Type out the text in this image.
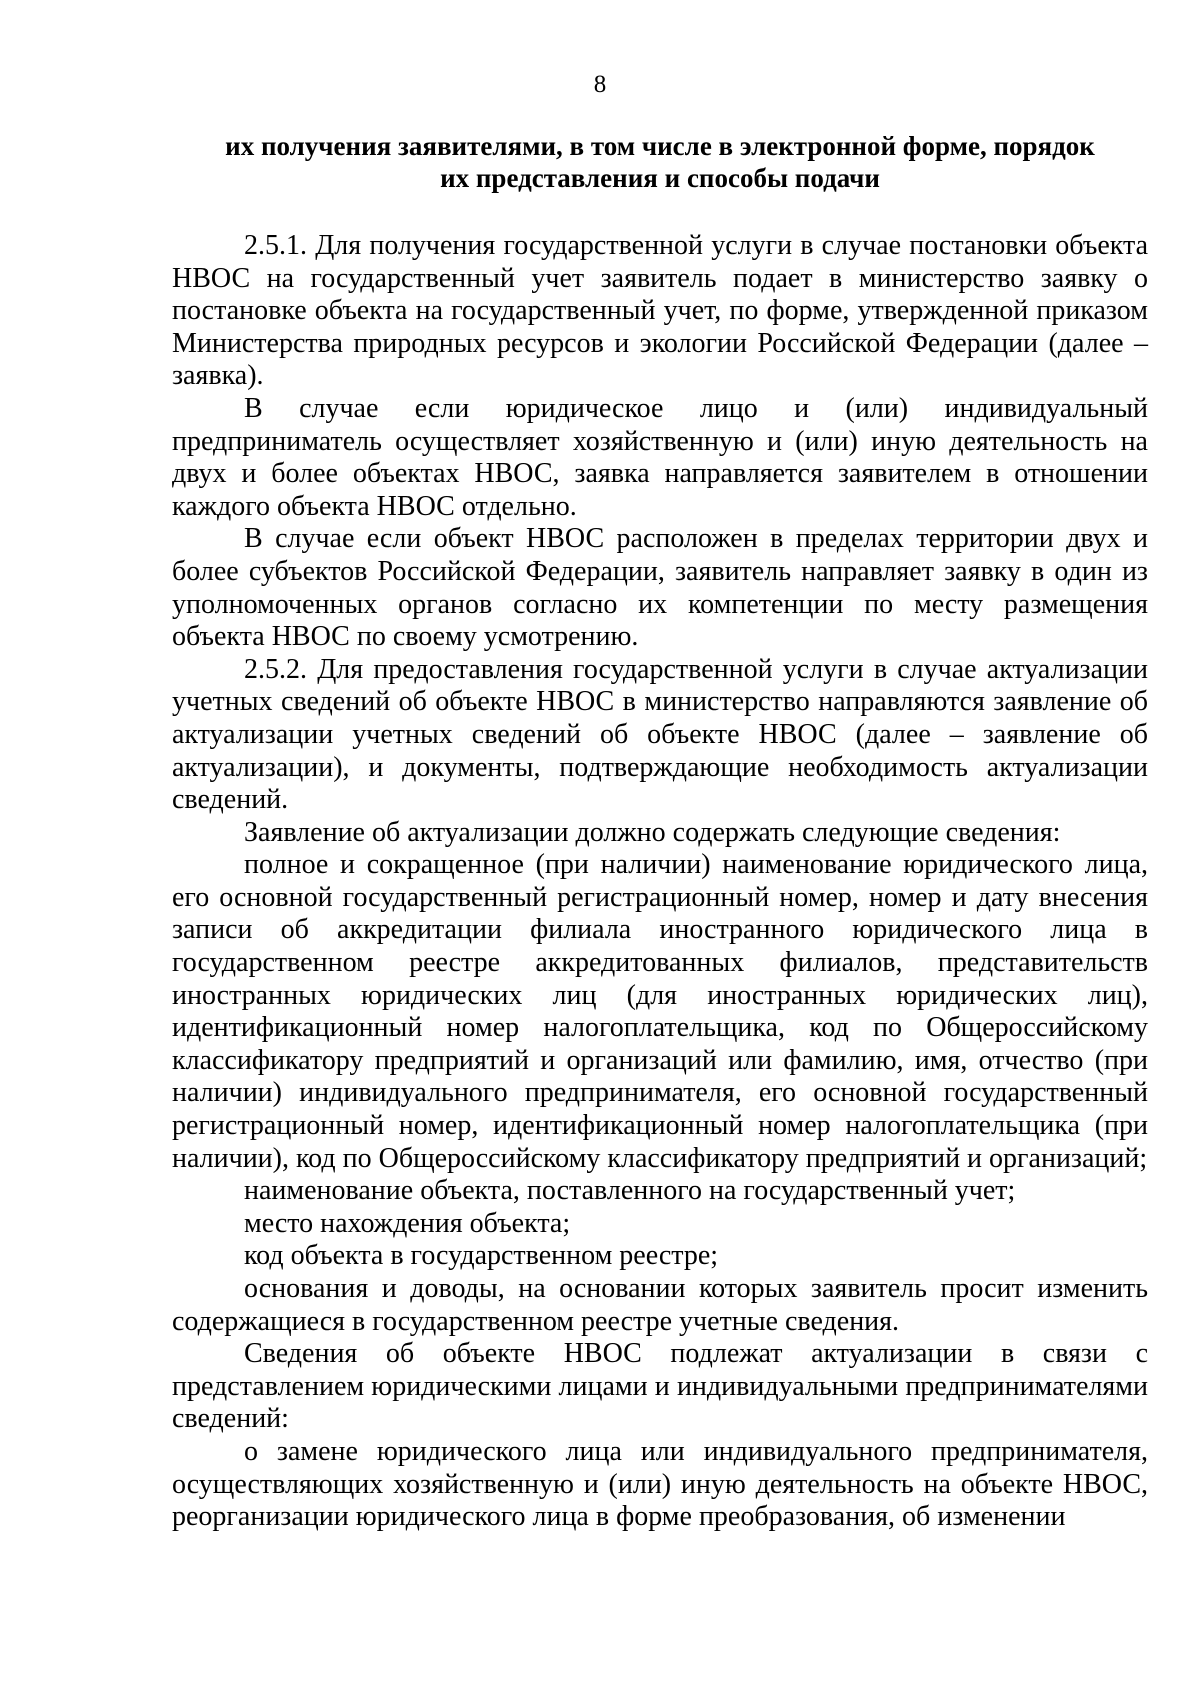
8
их получения заявителями, в том числе в электронной форме, порядок
их представления и способы подачи

2.5.1. Для получения государственной услуги в случае постановки объекта НВОС на государственный учет заявитель подает в министерство заявку о постановке объекта на государственный учет, по форме, утвержденной приказом Министерства природных ресурсов и экологии Российской Федерации (далее – заявка).

В случае если юридическое лицо и (или) индивидуальный предприниматель осуществляет хозяйственную и (или) иную деятельность на двух и более объектах НВОС, заявка направляется заявителем в отношении каждого объекта НВОС отдельно.

В случае если объект НВОС расположен в пределах территории двух и более субъектов Российской Федерации, заявитель направляет заявку в один из уполномоченных органов согласно их компетенции по месту размещения объекта НВОС по своему усмотрению.

2.5.2. Для предоставления государственной услуги в случае актуализации учетных сведений об объекте НВОС в министерство направляются заявление об актуализации учетных сведений об объекте НВОС (далее – заявление об актуализации), и документы, подтверждающие необходимость актуализации сведений.

Заявление об актуализации должно содержать следующие сведения:

полное и сокращенное (при наличии) наименование юридического лица, его основной государственный регистрационный номер, номер и дату внесения записи об аккредитации филиала иностранного юридического лица в государственном реестре аккредитованных филиалов, представительств иностранных юридических лиц (для иностранных юридических лиц), идентификационный номер налогоплательщика, код по Общероссийскому классификатору предприятий и организаций или фамилию, имя, отчество (при наличии) индивидуального предпринимателя, его основной государственный регистрационный номер, идентификационный номер налогоплательщика (при наличии), код по Общероссийскому классификатору предприятий и организаций;

наименование объекта, поставленного на государственный учет;

место нахождения объекта;

код объекта в государственном реестре;

основания и доводы, на основании которых заявитель просит изменить содержащиеся в государственном реестре учетные сведения.

Сведения об объекте НВОС подлежат актуализации в связи с представлением юридическими лицами и индивидуальными предпринимателями сведений:

о замене юридического лица или индивидуального предпринимателя, осуществляющих хозяйственную и (или) иную деятельность на объекте НВОС, реорганизации юридического лица в форме преобразования, об изменении
